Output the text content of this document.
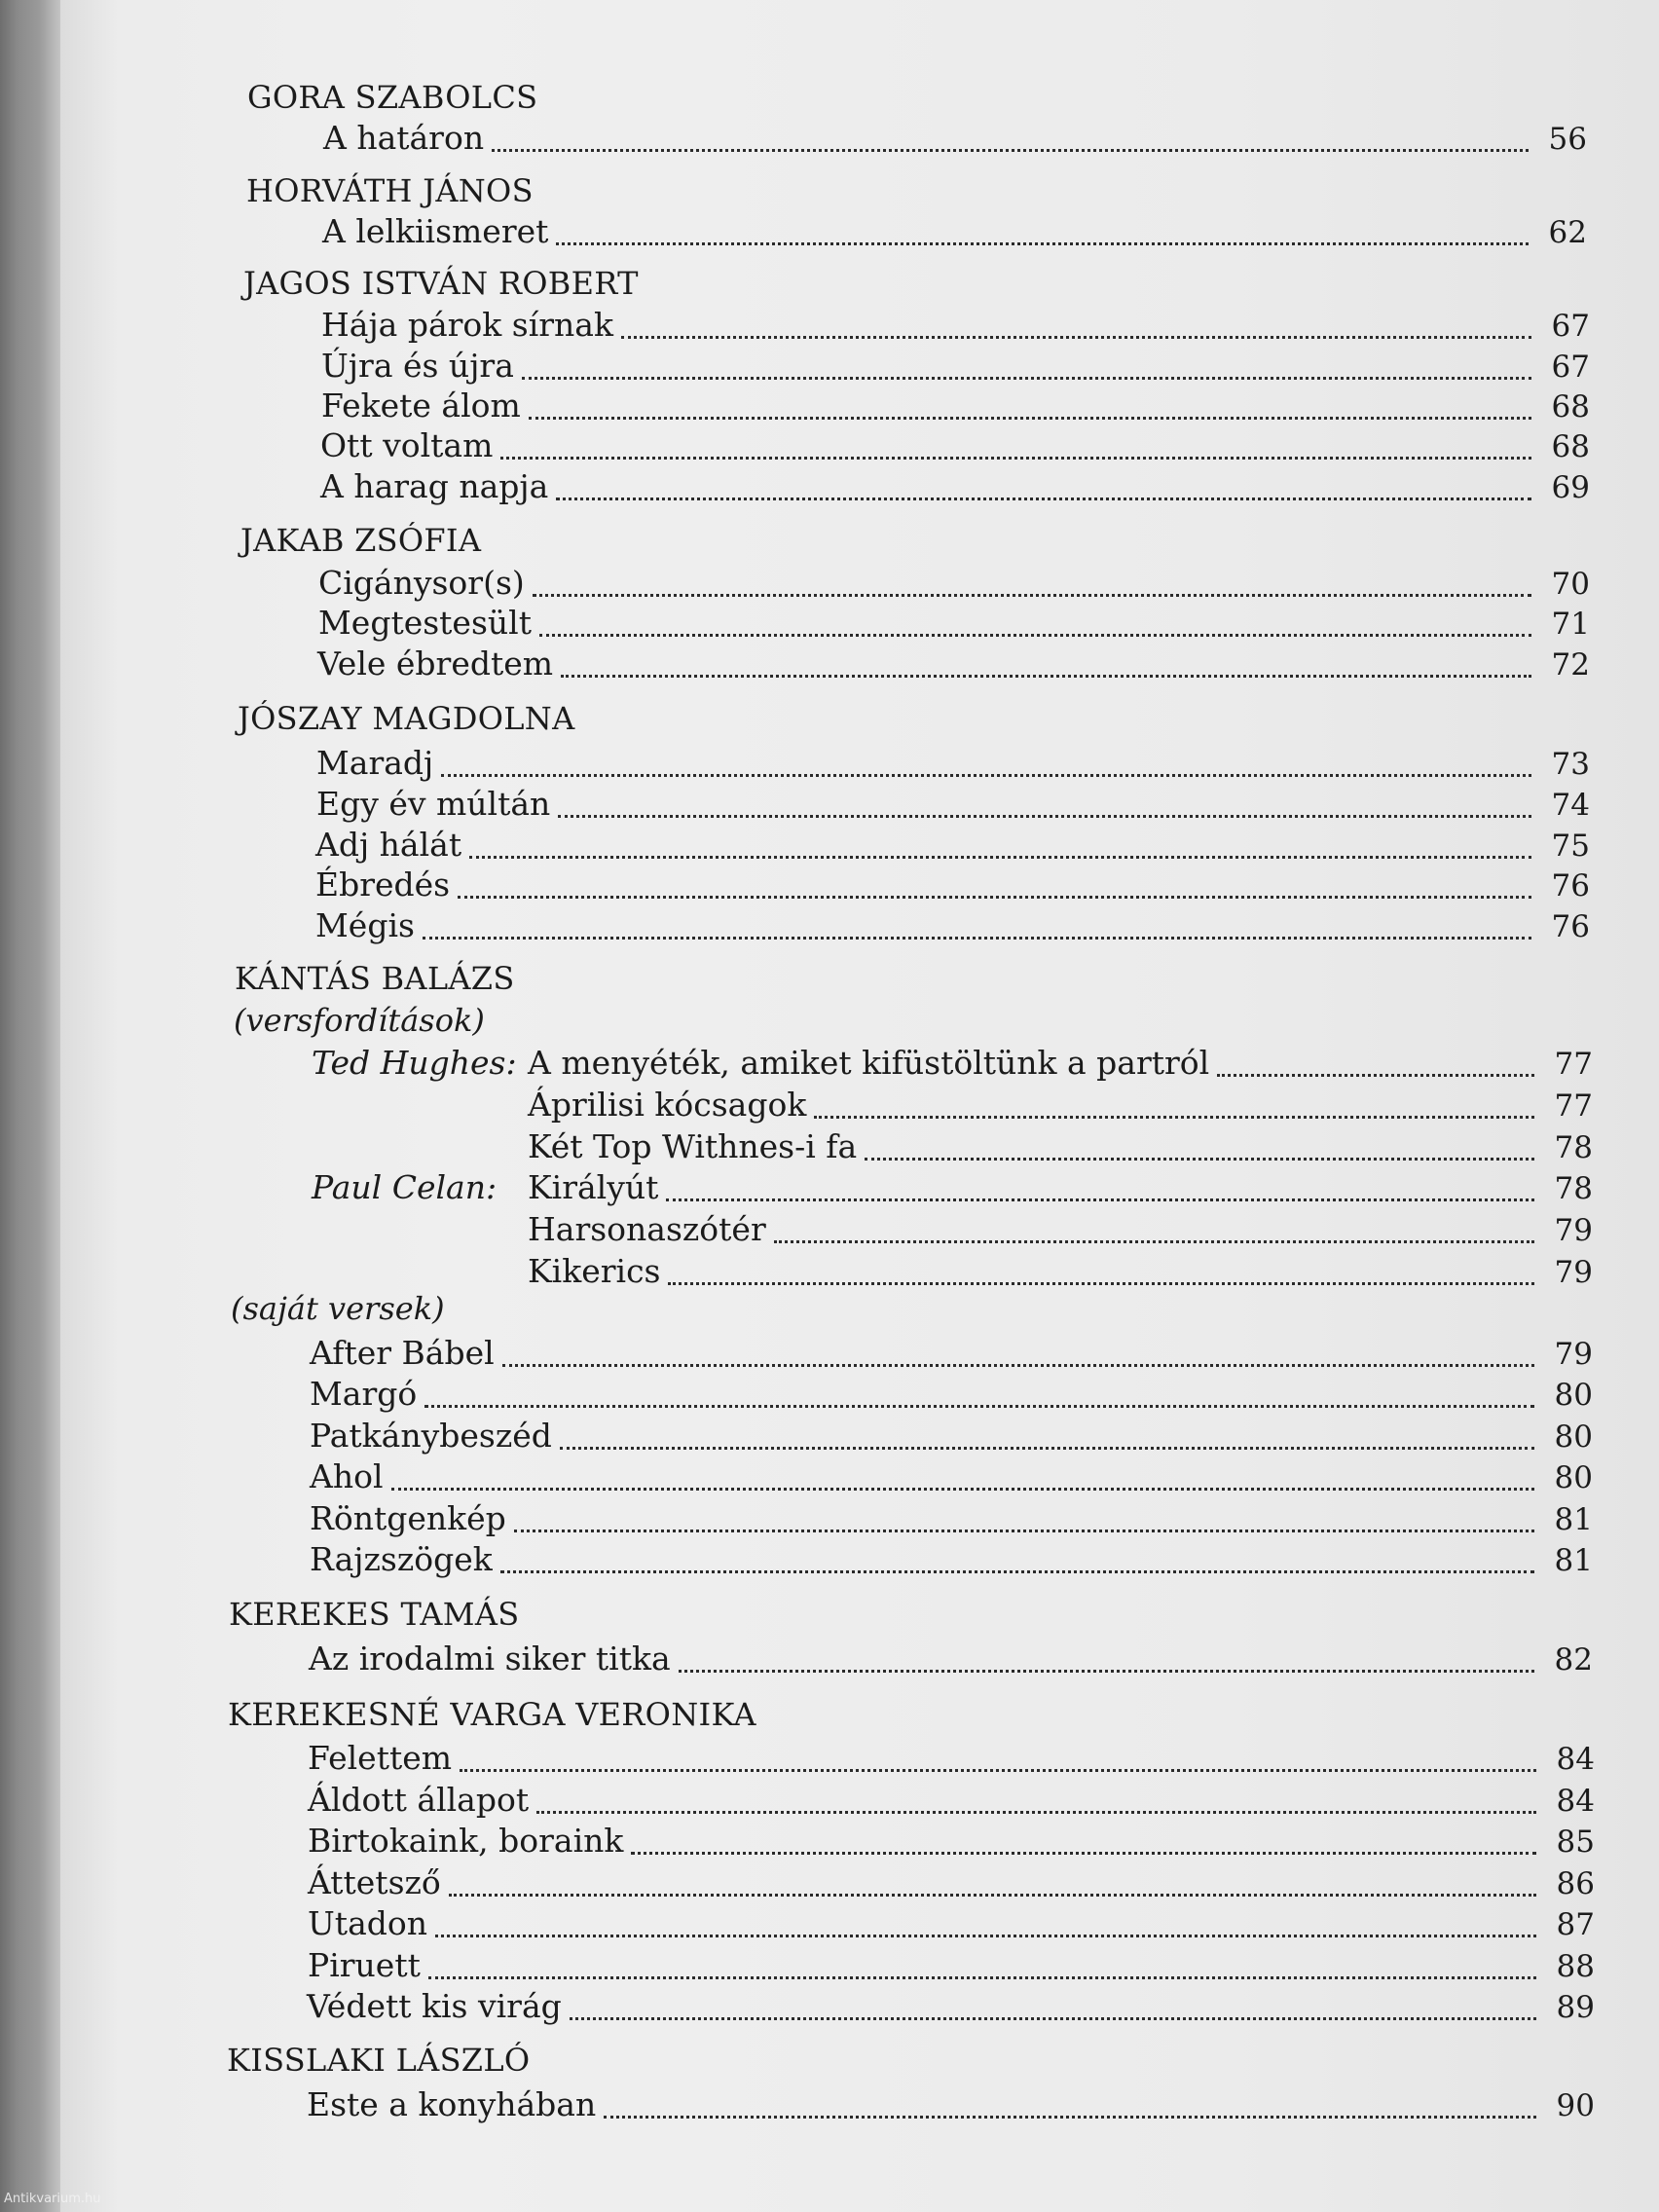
GORA SZABOLCS
A határon	56
HORVÁTH JÁNOS
A lelkiismeret	62
JAGOS ISTVÁN ROBERT
Hája párok sírnak	67
Újra és újra	67
Fekete álom	68
Ott voltam	68
A harag napja	69
JAKAB ZSÓFIA
Cigánysor(s)	70
Megtestesült	71
Vele ébredtem	72
JÓSZAY MAGDOLNA
Maradj	73
Egy év múltán	74
Adj hálát	75
Ébredés	76
Mégis	76
KÁNTÁS BALÁZS
(versfordítások)
Ted Hughes: A menyéték, amiket kifüstöltünk a partról	77
Áprilisi kócsagok	77
Két Top Withnes-i fa	78
Paul Celan: Királyút	78
Harsonaszótér	79
Kikerics	79
(saját versek)
After Bábel	79
Margó	80
Patkánybeszéd	80
Ahol	80
Röntgenkép	81
Rajzszögek	81
KEREKES TAMÁS
Az irodalmi siker titka	82
KEREKESNÉ VARGA VERONIKA
Felettem	84
Áldott állapot	84
Birtokaink, boraink	85
Áttetsző	86
Utadon	87
Piruett	88
Védett kis virág	89
KISSLAKI LÁSZLÓ
Este a konyhában	90
Antikvarium.hu
